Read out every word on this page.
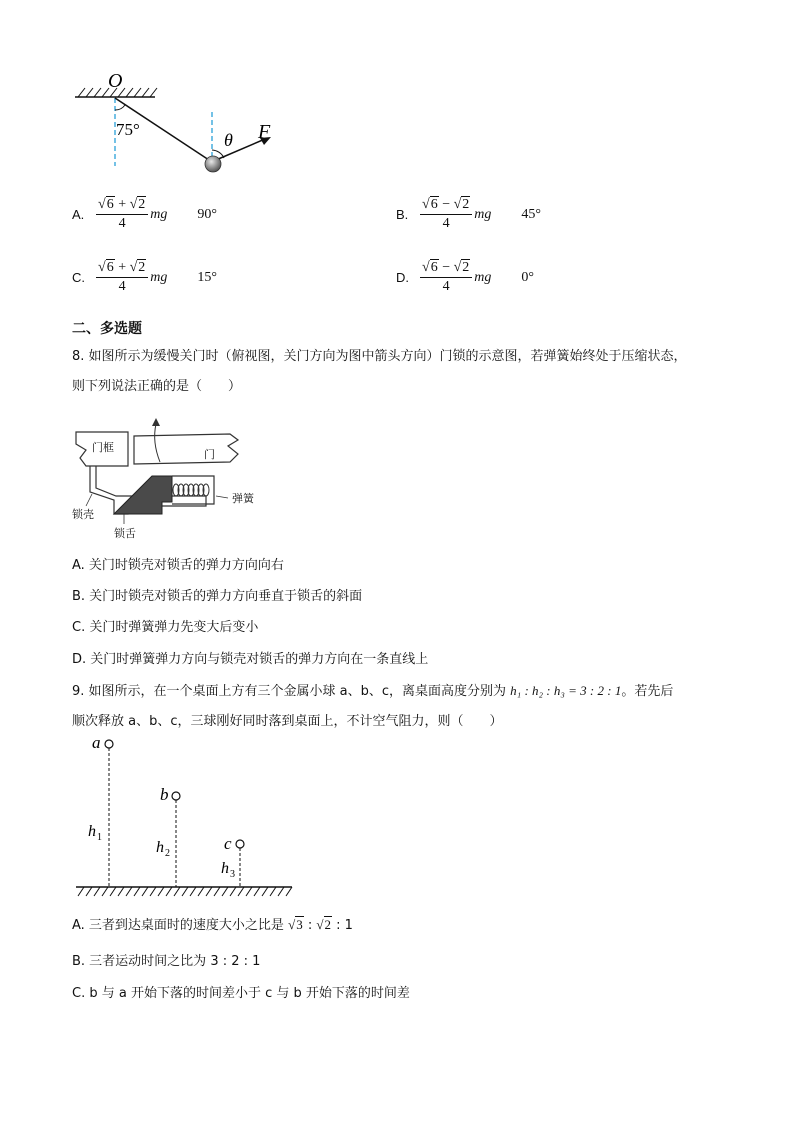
O
75°
θ F
A. $\frac{√6 + √2}{4}$ mg 90°	B. $\frac{√6 - √2}{4}$ mg 45°
C. $\frac{√6 + √2}{4}$ mg 15°	D. $\frac{√6 - √2}{4}$ mg 0°
二、多选题
8. 如图所示为缓慢关门时（俯视图，关门方向为图中箭头方向）门锁的示意图，若弹簧始终处于压缩状态，
则下列说法正确的是（　　）
门框
门
弹簧
锁壳
锁舌
A. 关门时锁壳对锁舌的弹力方向向右
B. 关门时锁壳对锁舌的弹力方向垂直于锁舌的斜面
C. 关门时弹簧弹力先变大后变小
D. 关门时弹簧弹力方向与锁壳对锁舌的弹力方向在一条直线上
9. 如图所示，在一个桌面上方有三个金属小球 a、b、c，离桌面高度分别为 h₁ : h₂ : h₃ = 3 : 2 : 1。若先后
顺次释放 a、b、c，三球刚好同时落到桌面上，不计空气阻力，则（　　）
a
h 1
b
h 2
c
h 3
A. 三者到达桌面时的速度大小之比是 √3 : √2 : 1
B. 三者运动时间之比为 3 : 2 : 1
C. b 与 a 开始下落的时间差小于 c 与 b 开始下落的时间差
